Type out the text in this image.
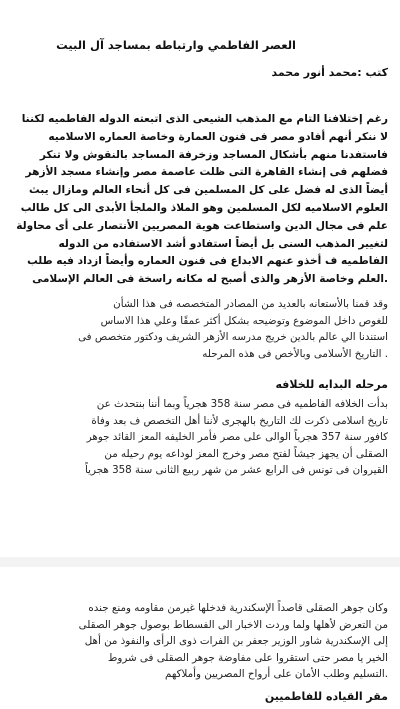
العصر الفاطمي وارتباطه بمساجد آل البيت

كتب :محمد أنور محمد

رغم إختلافنا التام مع المذهب الشيعى الذى اتبعته الدوله الفاطميه لكننا
لا ننكر أنهم أفادو مصر فى فنون العمارة وخاصة العماره الاسلاميه
فاستفدنا منهم بأشكال المساجد وزخرفة المساجد بالنقوش ولا تنكر
فضلهم فى إنشاء القاهرة التى ظلت عاصمة مصر وإنشاء مسجد الأزهر
أيضاً الذى له فضل على كل المسلمين فى كل أنحاء العالم ومازال يبث
العلوم الاسلاميه لكل المسلمين وهو الملاذ والملجأ الأبدى الى كل طالب
علم فى مجال الدين واستطاعت هوية المصريين الأنتصار على أى محاولة
لتغيير المذهب السنى بل أيضاً استفادو أشد الاستفاده من الدوله
الفاطميه ف أخذو عنهم الابداع فى فنون العماره وأيضاً ازداد فيه طلب
.العلم وخاصة الأزهر والذى أصبح له مكانه راسخة فى العالم الإسلامى
وقد قمنا بالأستعانه بالعديد من المصادر المتخصصه فى هذا الشأن
للغوص داخل الموضوع وتوضيحه بشكل أكثر عمقًا وعلي هذا الاساس
استندنا الي عالم بالدين خريج مدرسه الأزهر الشريف ودكتور متخصص فى
. التاريخ الأسلامى وبالأخص فى هذه المرحله
مرحله البدايه للخلافه
بدأت الخلافه الفاطميه فى مصر سنة 358 هجرياً وبما أننا بنتحدث عن
تاريخ اسلامى ذكرت لك التاريخ بالهجرى لأننا أهل التخصص ف بعد وفاة
كافور سنة 357 هجرياً الوالى على مصر فأمر الخليفه المعز القائد جوهر
الصقلى أن يجهز جيشاً لفتح مصر وخرج المعز لوداعه يوم رحيله من
القيروان فى تونس فى الرابع عشر من شهر ربيع الثانى سنة 358 هجرياً
وكان جوهر الصقلى قاصداً الإسكندرية فدخلها غيرمن مقاومه ومنع جنده
من التعرض لأهلها ولما وردت الاخبار الى الفسطاط بوصول جوهر الصقلى
إلى الإسكندرية شاور الوزير جعفر بن الفرات ذوى الرأى والنفوذ من أهل
الخير يا مصر حتى استقروا على مفاوضة جوهر الصقلى فى شروط
.التسليم وطلب الأمان على أرواح المصريين وأملاكهم
مقر القياده للفاطميين
